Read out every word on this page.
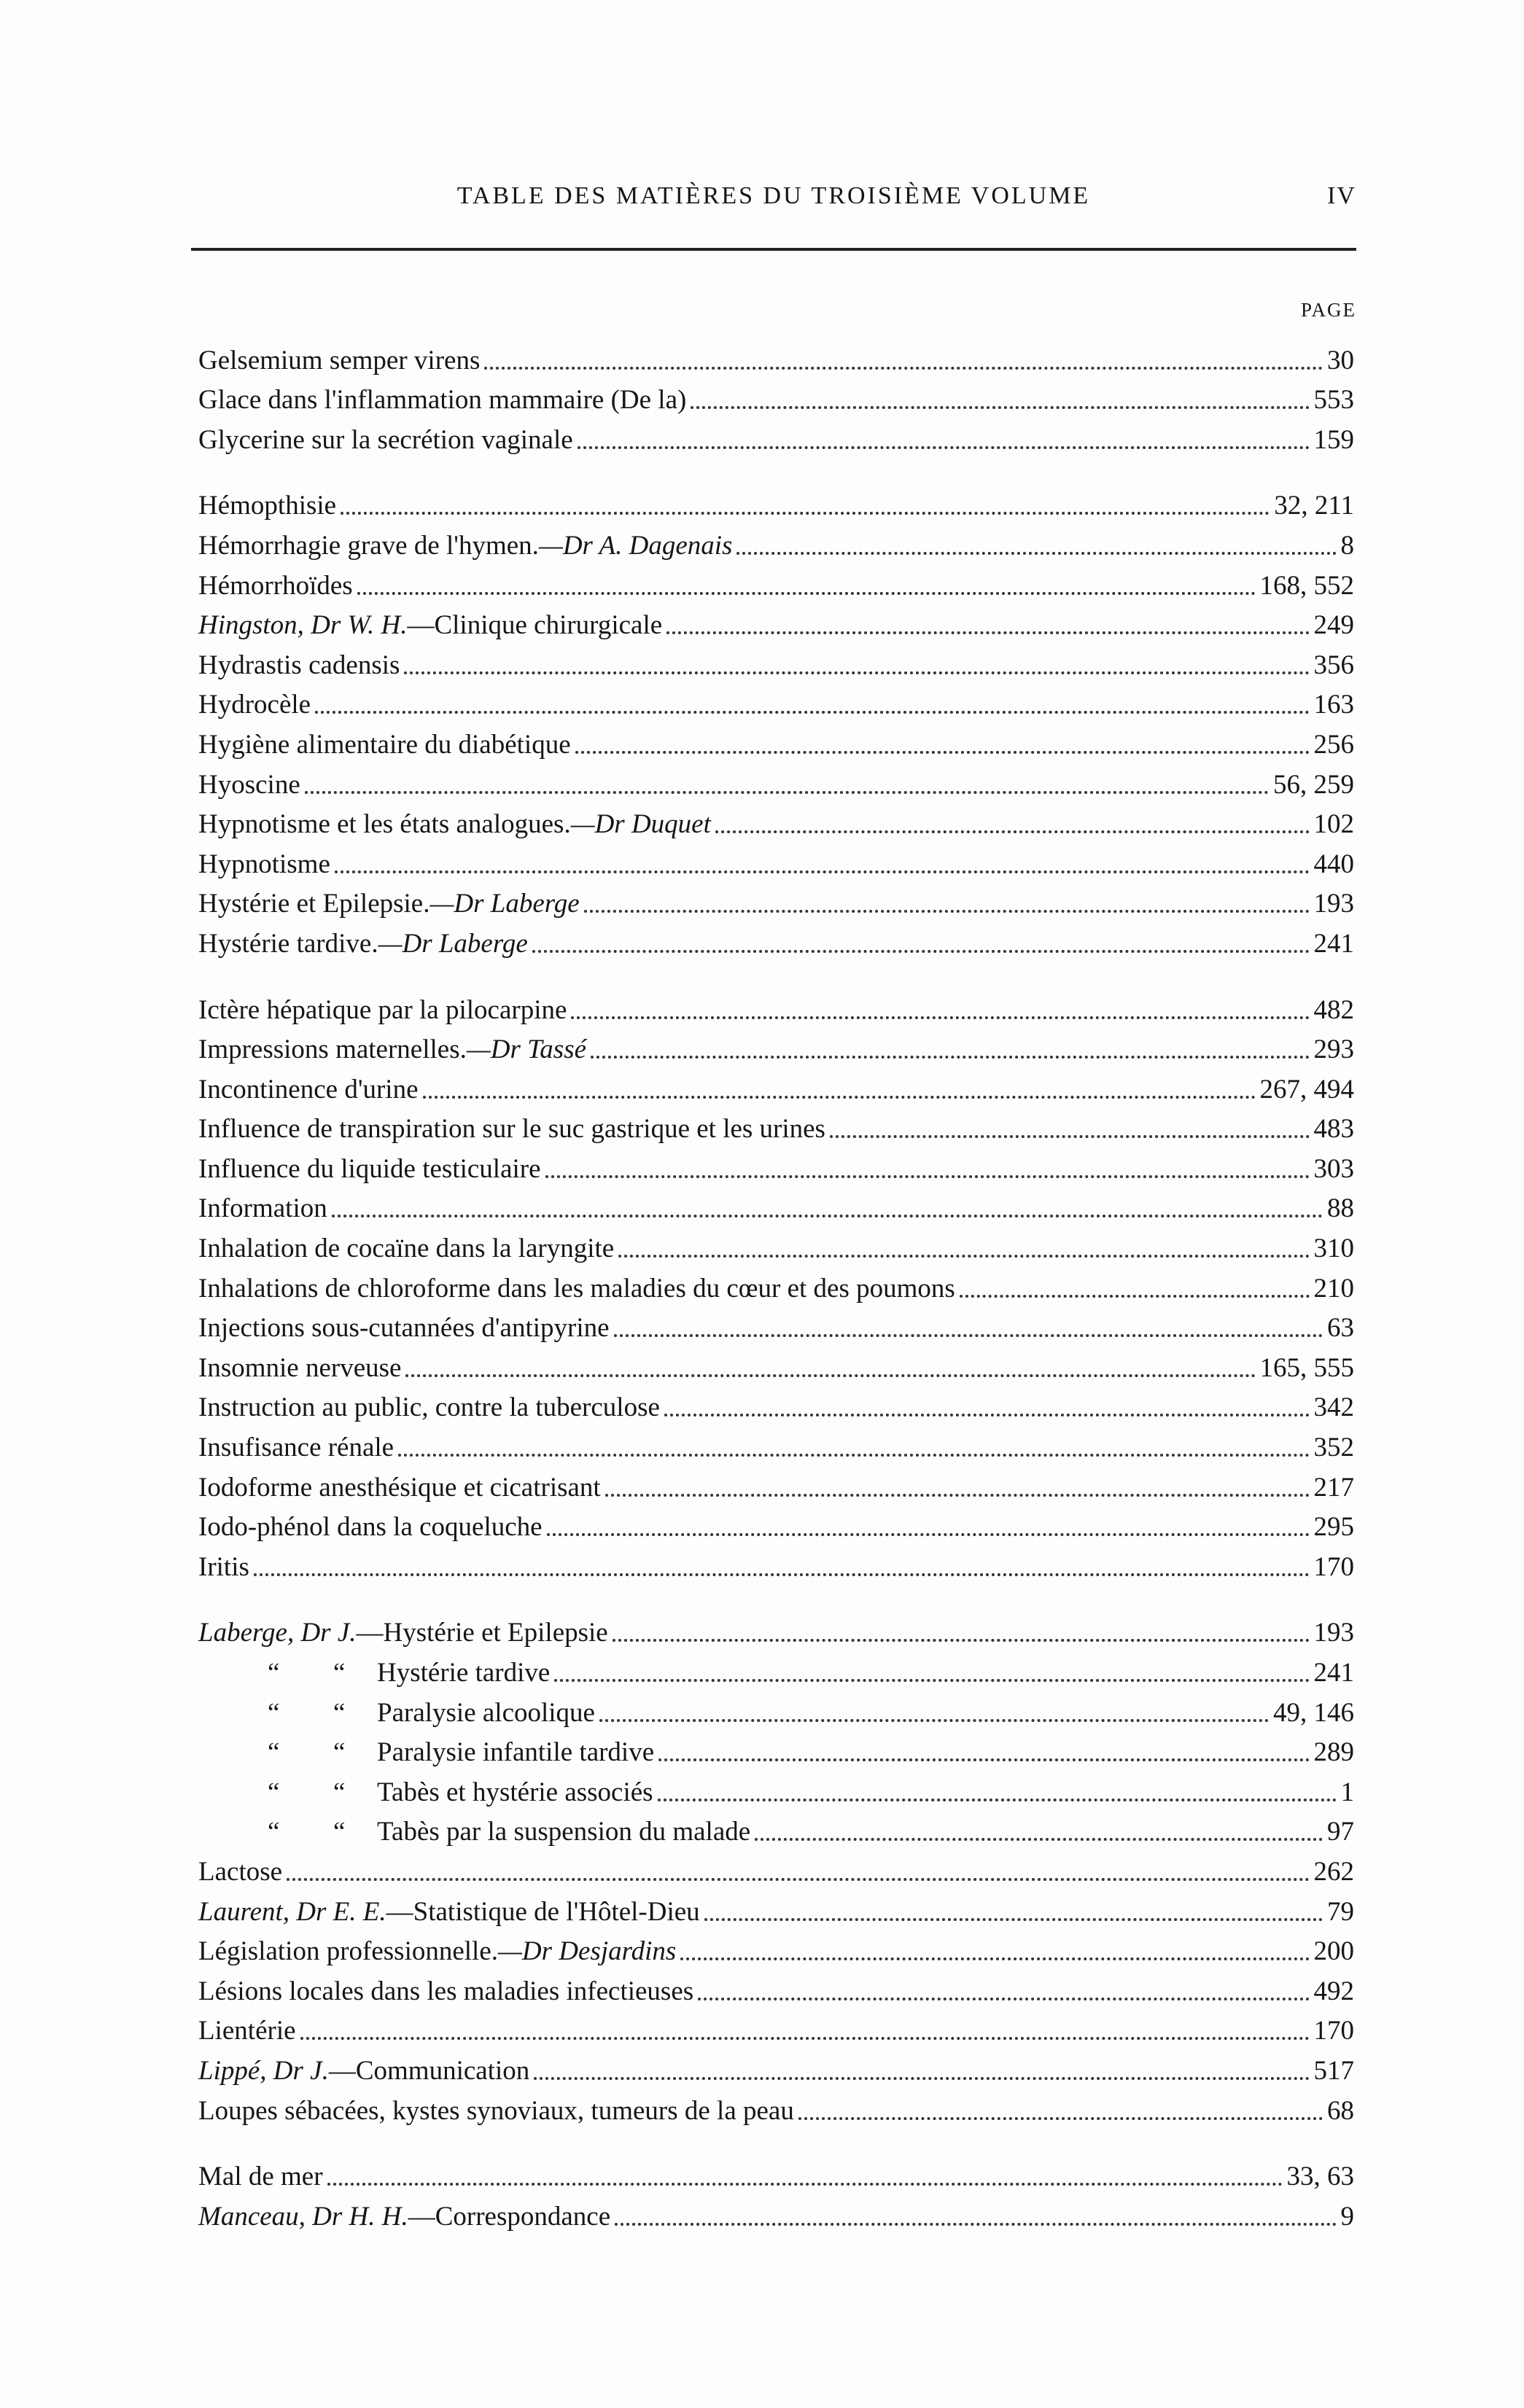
TABLE DES MATIÈRES DU TROISIÈME VOLUME	IV
PAGE
Gelsemium semper virens	30
Glace dans l'inflammation mammaire (De la)	553
Glycerine sur la secrétion vaginale	159
Hémopthisie	32, 211
Hémorrhagie grave de l'hymen.—Dr A. Dagenais	8
Hémorrhoïdes	168, 552
Hingston, Dr W. H.—Clinique chirurgicale	249
Hydrastis cadensis	356
Hydrocèle	163
Hygiène alimentaire du diabétique	256
Hyoscine	56, 259
Hypnotisme et les états analogues.—Dr Duquet	102
Hypnotisme	440
Hystérie et Epilepsie.—Dr Laberge	193
Hystérie tardive.—Dr Laberge	241
Ictère hépatique par la pilocarpine	482
Impressions maternelles.—Dr Tassé	293
Incontinence d'urine	267, 494
Influence de transpiration sur le suc gastrique et les urines	483
Influence du liquide testiculaire	303
Information	88
Inhalation de cocaïne dans la laryngite	310
Inhalations de chloroforme dans les maladies du cœur et des poumons	210
Injections sous-cutannées d'antipyrine	63
Insomnie nerveuse	165, 555
Instruction au public, contre la tuberculose	342
Insufisance rénale	352
Iodoforme anesthésique et cicatrisant	217
Iodo-phénol dans la coqueluche	295
Iritis	170
Laberge, Dr J.—Hystérie et Epilepsie	193
“ “ Hystérie tardive	241
“ “ Paralysie alcoolique	49, 146
“ “ Paralysie infantile tardive	289
“ “ Tabès et hystérie associés	1
“ “ Tabès par la suspension du malade	97
Lactose	262
Laurent, Dr E. E.—Statistique de l'Hôtel-Dieu	79
Législation professionnelle.—Dr Desjardins	200
Lésions locales dans les maladies infectieuses	492
Lientérie	170
Lippé, Dr J.—Communication	517
Loupes sébacées, kystes synoviaux, tumeurs de la peau	68
Mal de mer	33, 63
Manceau, Dr H. H.—Correspondance	9
